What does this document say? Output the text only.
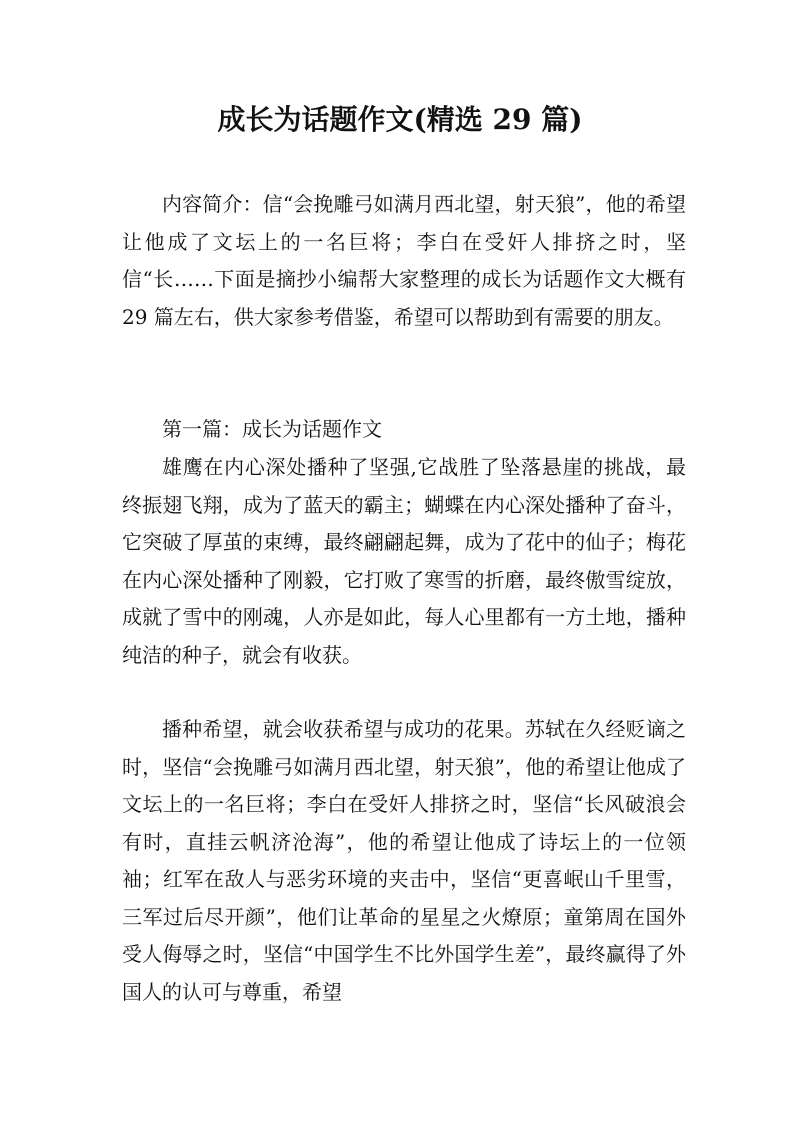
成长为话题作文(精选 29 篇)

内容简介：信“会挽雕弓如满月西北望，射天狼”，他的希望让他成了文坛上的一名巨将；李白在受奸人排挤之时，坚信“长……下面是摘抄小编帮大家整理的成长为话题作文大概有 29 篇左右，供大家参考借鉴，希望可以帮助到有需要的朋友。

第一篇：成长为话题作文

雄鹰在内心深处播种了坚强,它战胜了坠落悬崖的挑战，最终振翅飞翔，成为了蓝天的霸主；蝴蝶在内心深处播种了奋斗，它突破了厚茧的束缚，最终翩翩起舞，成为了花中的仙子；梅花在内心深处播种了刚毅，它打败了寒雪的折磨，最终傲雪绽放，成就了雪中的刚魂，人亦是如此，每人心里都有一方土地，播种纯洁的种子，就会有收获。

播种希望，就会收获希望与成功的花果。苏轼在久经贬谪之时，坚信“会挽雕弓如满月西北望，射天狼”，他的希望让他成了文坛上的一名巨将；李白在受奸人排挤之时，坚信“长风破浪会有时，直挂云帆济沧海”，他的希望让他成了诗坛上的一位领袖；红军在敌人与恶劣环境的夹击中，坚信“更喜岷山千里雪，三军过后尽开颜”，他们让革命的星星之火燎原；童第周在国外受人侮辱之时，坚信“中国学生不比外国学生差”，最终赢得了外国人的认可与尊重，希望
